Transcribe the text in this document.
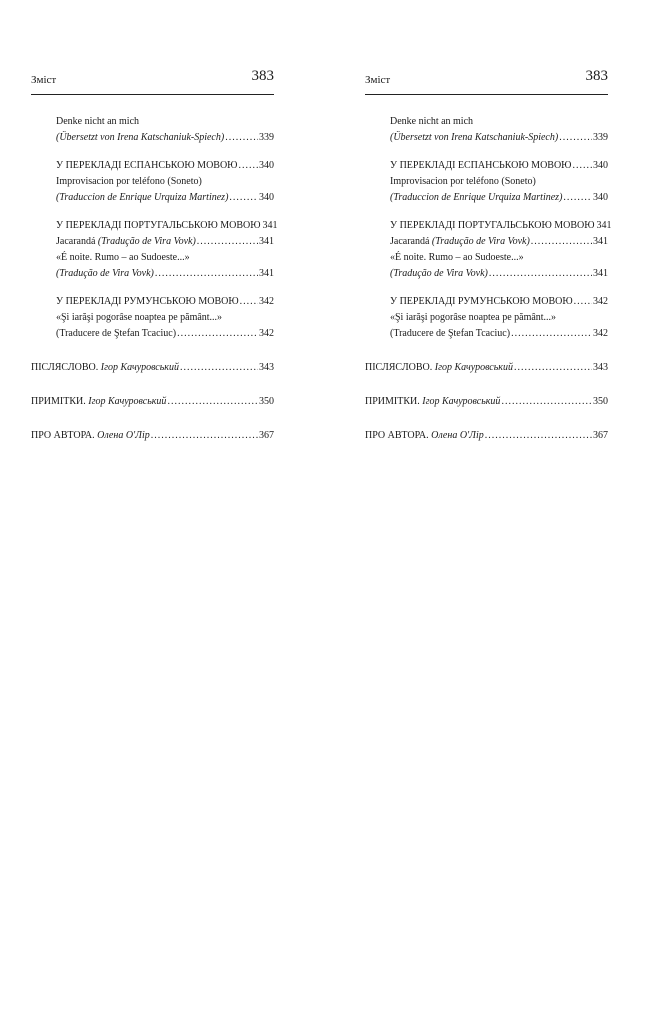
Зміст	383
Denke nicht an mich
(Übersetzt von Irena Katschaniuk-Spiech) .....	339
У ПЕРЕКЛАДІ ЕСПАНСЬКОЮ МОВОЮ ..... 340
Improvisacion por teléfono (Soneto)
(Traduccion de Enrique Urquiza Martinez) .....	340
У ПЕРЕКЛАДІ ПОРТУГАЛЬСЬКОЮ МОВОЮ 341
Jacarandá (Tradução de Vira Vovk) .....	341
«É noite. Rumo – ao Sudoeste...»
(Tradução de Vira Vovk) .....	341
У ПЕРЕКЛАДІ РУМУНСЬКОЮ МОВОЮ ..... 342
«Şi iarăşi pogorâse noaptea pe pământ...»
(Traducere de Ştefan Tcaciuc) .....	342
ПІСЛЯСЛОВО. Ігор Качуровський .....	343
ПРИМІТКИ. Ігор Качуровський .....	350
ПРО АВТОРА. Олена О'Лір .....	367
Зміст	383
Denke nicht an mich
(Übersetzt von Irena Katschaniuk-Spiech) .....	339
У ПЕРЕКЛАДІ ЕСПАНСЬКОЮ МОВОЮ ..... 340
Improvisacion por teléfono (Soneto)
(Traduccion de Enrique Urquiza Martinez) .....	340
У ПЕРЕКЛАДІ ПОРТУГАЛЬСЬКОЮ МОВОЮ 341
Jacarandá (Tradução de Vira Vovk) .....	341
«É noite. Rumo – ao Sudoeste...»
(Tradução de Vira Vovk) .....	341
У ПЕРЕКЛАДІ РУМУНСЬКОЮ МОВОЮ ..... 342
«Şi iarăşi pogorâse noaptea pe pământ...»
(Traducere de Ştefan Tcaciuc) .....	342
ПІСЛЯСЛОВО. Ігор Качуровський .....	343
ПРИМІТКИ. Ігор Качуровський .....	350
ПРО АВТОРА. Олена О'Лір .....	367
